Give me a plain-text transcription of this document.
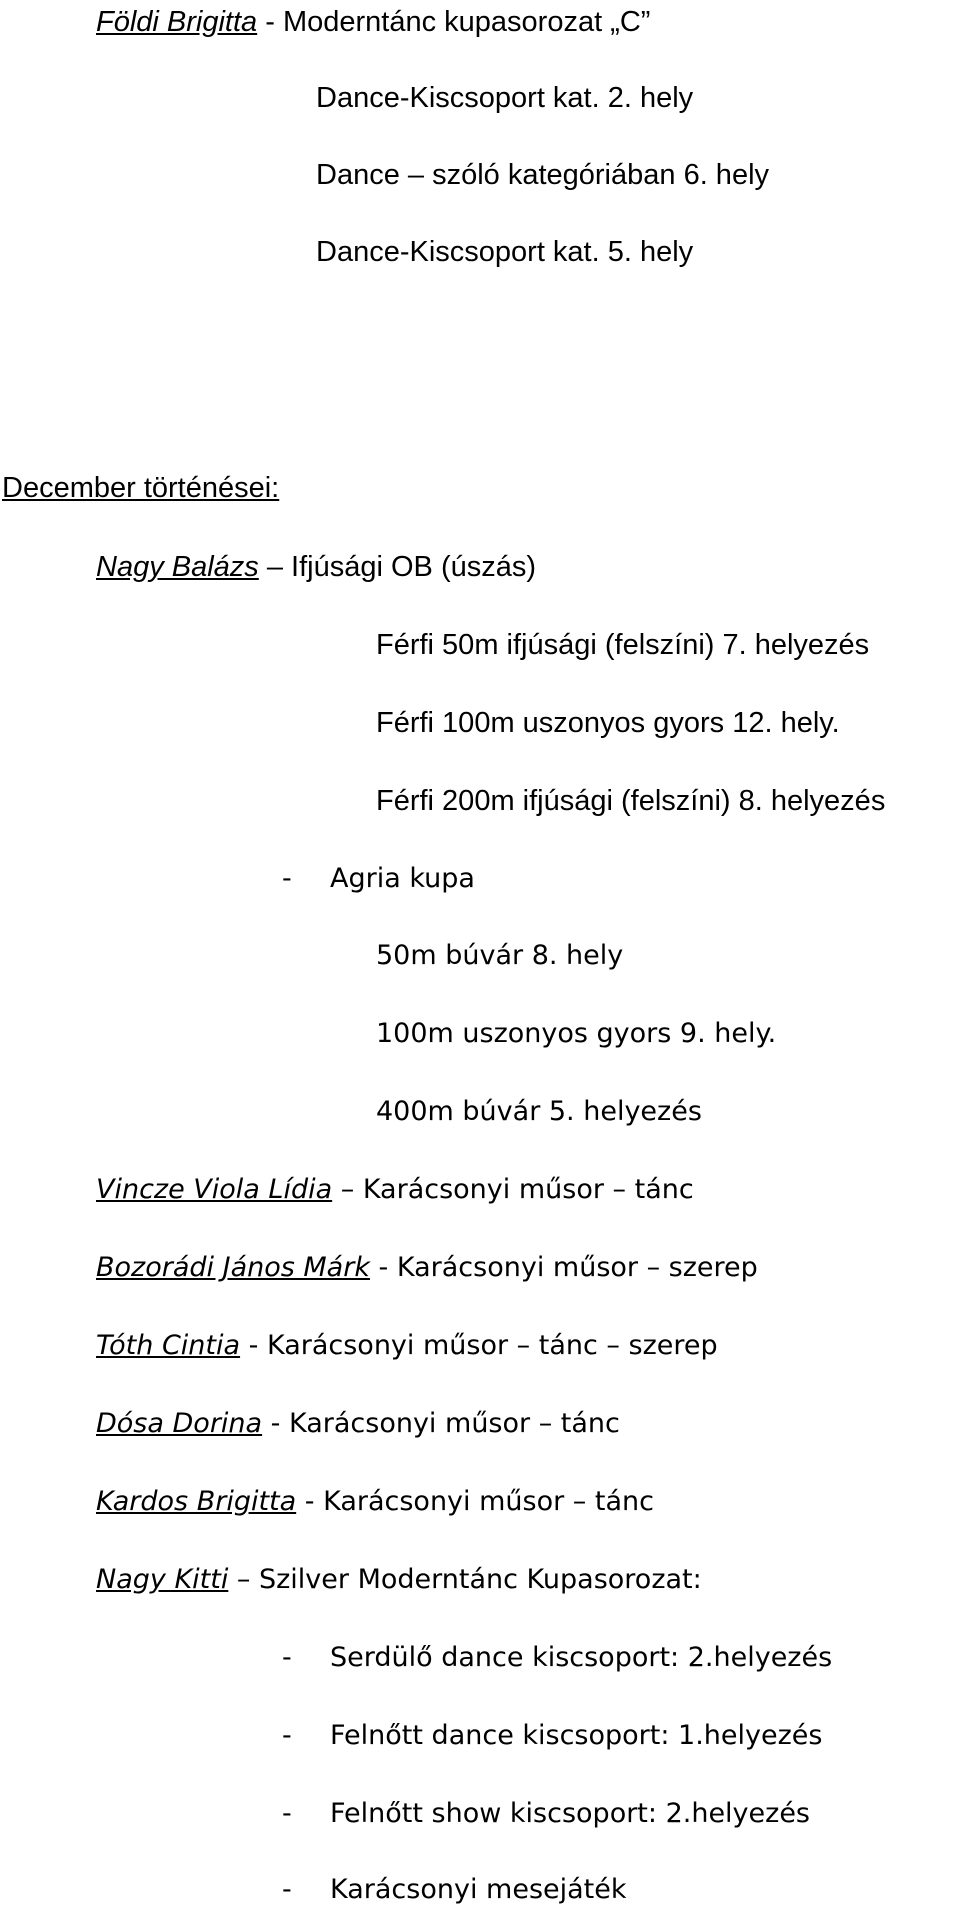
Földi Brigitta - Moderntánc kupasorozat „C”
Dance-Kiscsoport kat. 2. hely
Dance – szóló kategóriában 6. hely
Dance-Kiscsoport kat. 5. hely
December történései:
Nagy Balázs – Ifjúsági OB (úszás)
Férfi 50m ifjúsági (felszíni) 7. helyezés
Férfi 100m uszonyos gyors 12. hely.
Férfi 200m ifjúsági (felszíni) 8. helyezés
- Agria kupa
50m búvár 8. hely
100m uszonyos gyors 9. hely.
400m búvár 5. helyezés
Vincze Viola Lídia – Karácsonyi műsor – tánc
Bozorádi János Márk - Karácsonyi műsor – szerep
Tóth Cintia - Karácsonyi műsor – tánc – szerep
Dósa Dorina - Karácsonyi műsor – tánc
Kardos Brigitta - Karácsonyi műsor – tánc
Nagy Kitti – Szilver Moderntánc Kupasorozat:
- Serdülő dance kiscsoport: 2.helyezés
- Felnőtt dance kiscsoport: 1.helyezés
- Felnőtt show kiscsoport: 2.helyezés
- Karácsonyi mesejáték
